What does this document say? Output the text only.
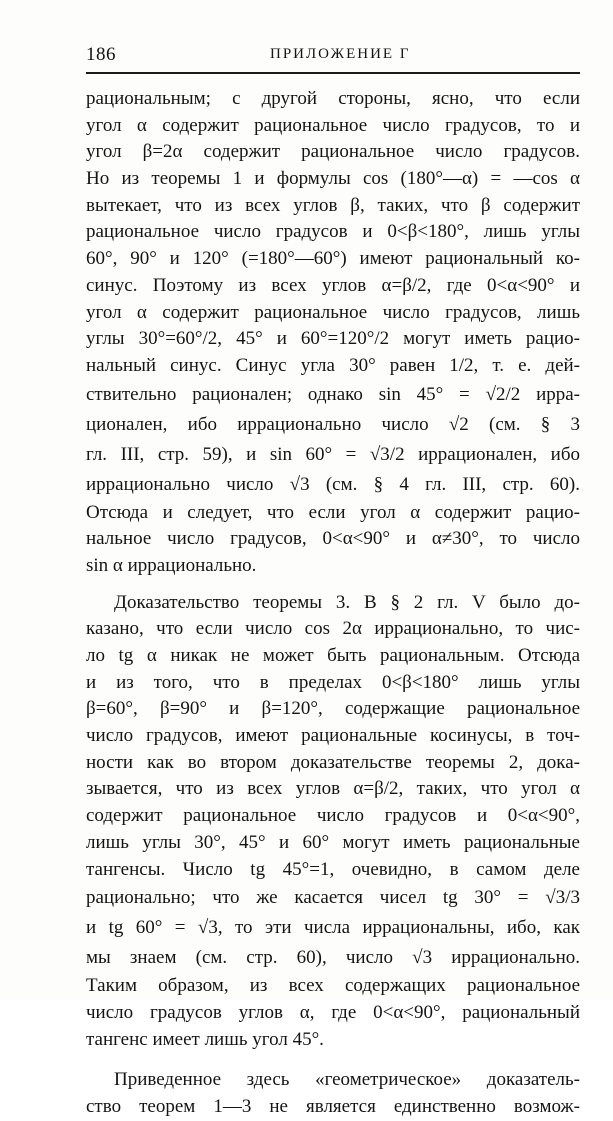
186	ПРИЛОЖЕНИЕ Г
рациональным; с другой стороны, ясно, что если
угол α содержит рациональное число градусов, то и
угол β=2α содержит рациональное число градусов.
Но из теоремы 1 и формулы cos (180°—α) = —cos α
вытекает, что из всех углов β, таких, что β содержит
рациональное число градусов и 0<β<180°, лишь углы
60°, 90° и 120° (=180°—60°) имеют рациональный ко-
синус. Поэтому из всех углов α=β/2, где 0<α<90° и
угол α содержит рациональное число градусов, лишь
углы 30°=60°/2, 45° и 60°=120°/2 могут иметь рацио-
нальный синус. Синус угла 30° равен 1/2, т. е. дей-
ствительно рационален; однако sin 45° = √2/2 ирра-
ционален, ибо иррационально число √2 (см. § 3
гл. III, стр. 59), и sin 60° = √3/2 иррационален, ибо
иррационально число √3 (см. § 4 гл. III, стр. 60).
Отсюда и следует, что если угол α содержит рацио-
нальное число градусов, 0<α<90° и α≠30°, то число
sin α иррационально.
Доказательство теоремы 3. В § 2 гл. V было до-
казано, что если число cos 2α иррационально, то чис-
ло tg α никак не может быть рациональным. Отсюда
и из того, что в пределах 0<β<180° лишь углы
β=60°, β=90° и β=120°, содержащие рациональное
число градусов, имеют рациональные косинусы, в точ-
ности как во втором доказательстве теоремы 2, дока-
зывается, что из всех углов α=β/2, таких, что угол α
содержит рациональное число градусов и 0<α<90°,
лишь углы 30°, 45° и 60° могут иметь рациональные
тангенсы. Число tg 45°=1, очевидно, в самом деле
рационально; что же касается чисел tg 30° = √3/3
и tg 60° = √3, то эти числа иррациональны, ибо, как
мы знаем (см. стр. 60), число √3 иррационально.
Таким образом, из всех содержащих рациональное
число градусов углов α, где 0<α<90°, рациональный
тангенс имеет лишь угол 45°.
Приведенное здесь «геометрическое» доказатель-
ство теорем 1—3 не является единственно возмож-
